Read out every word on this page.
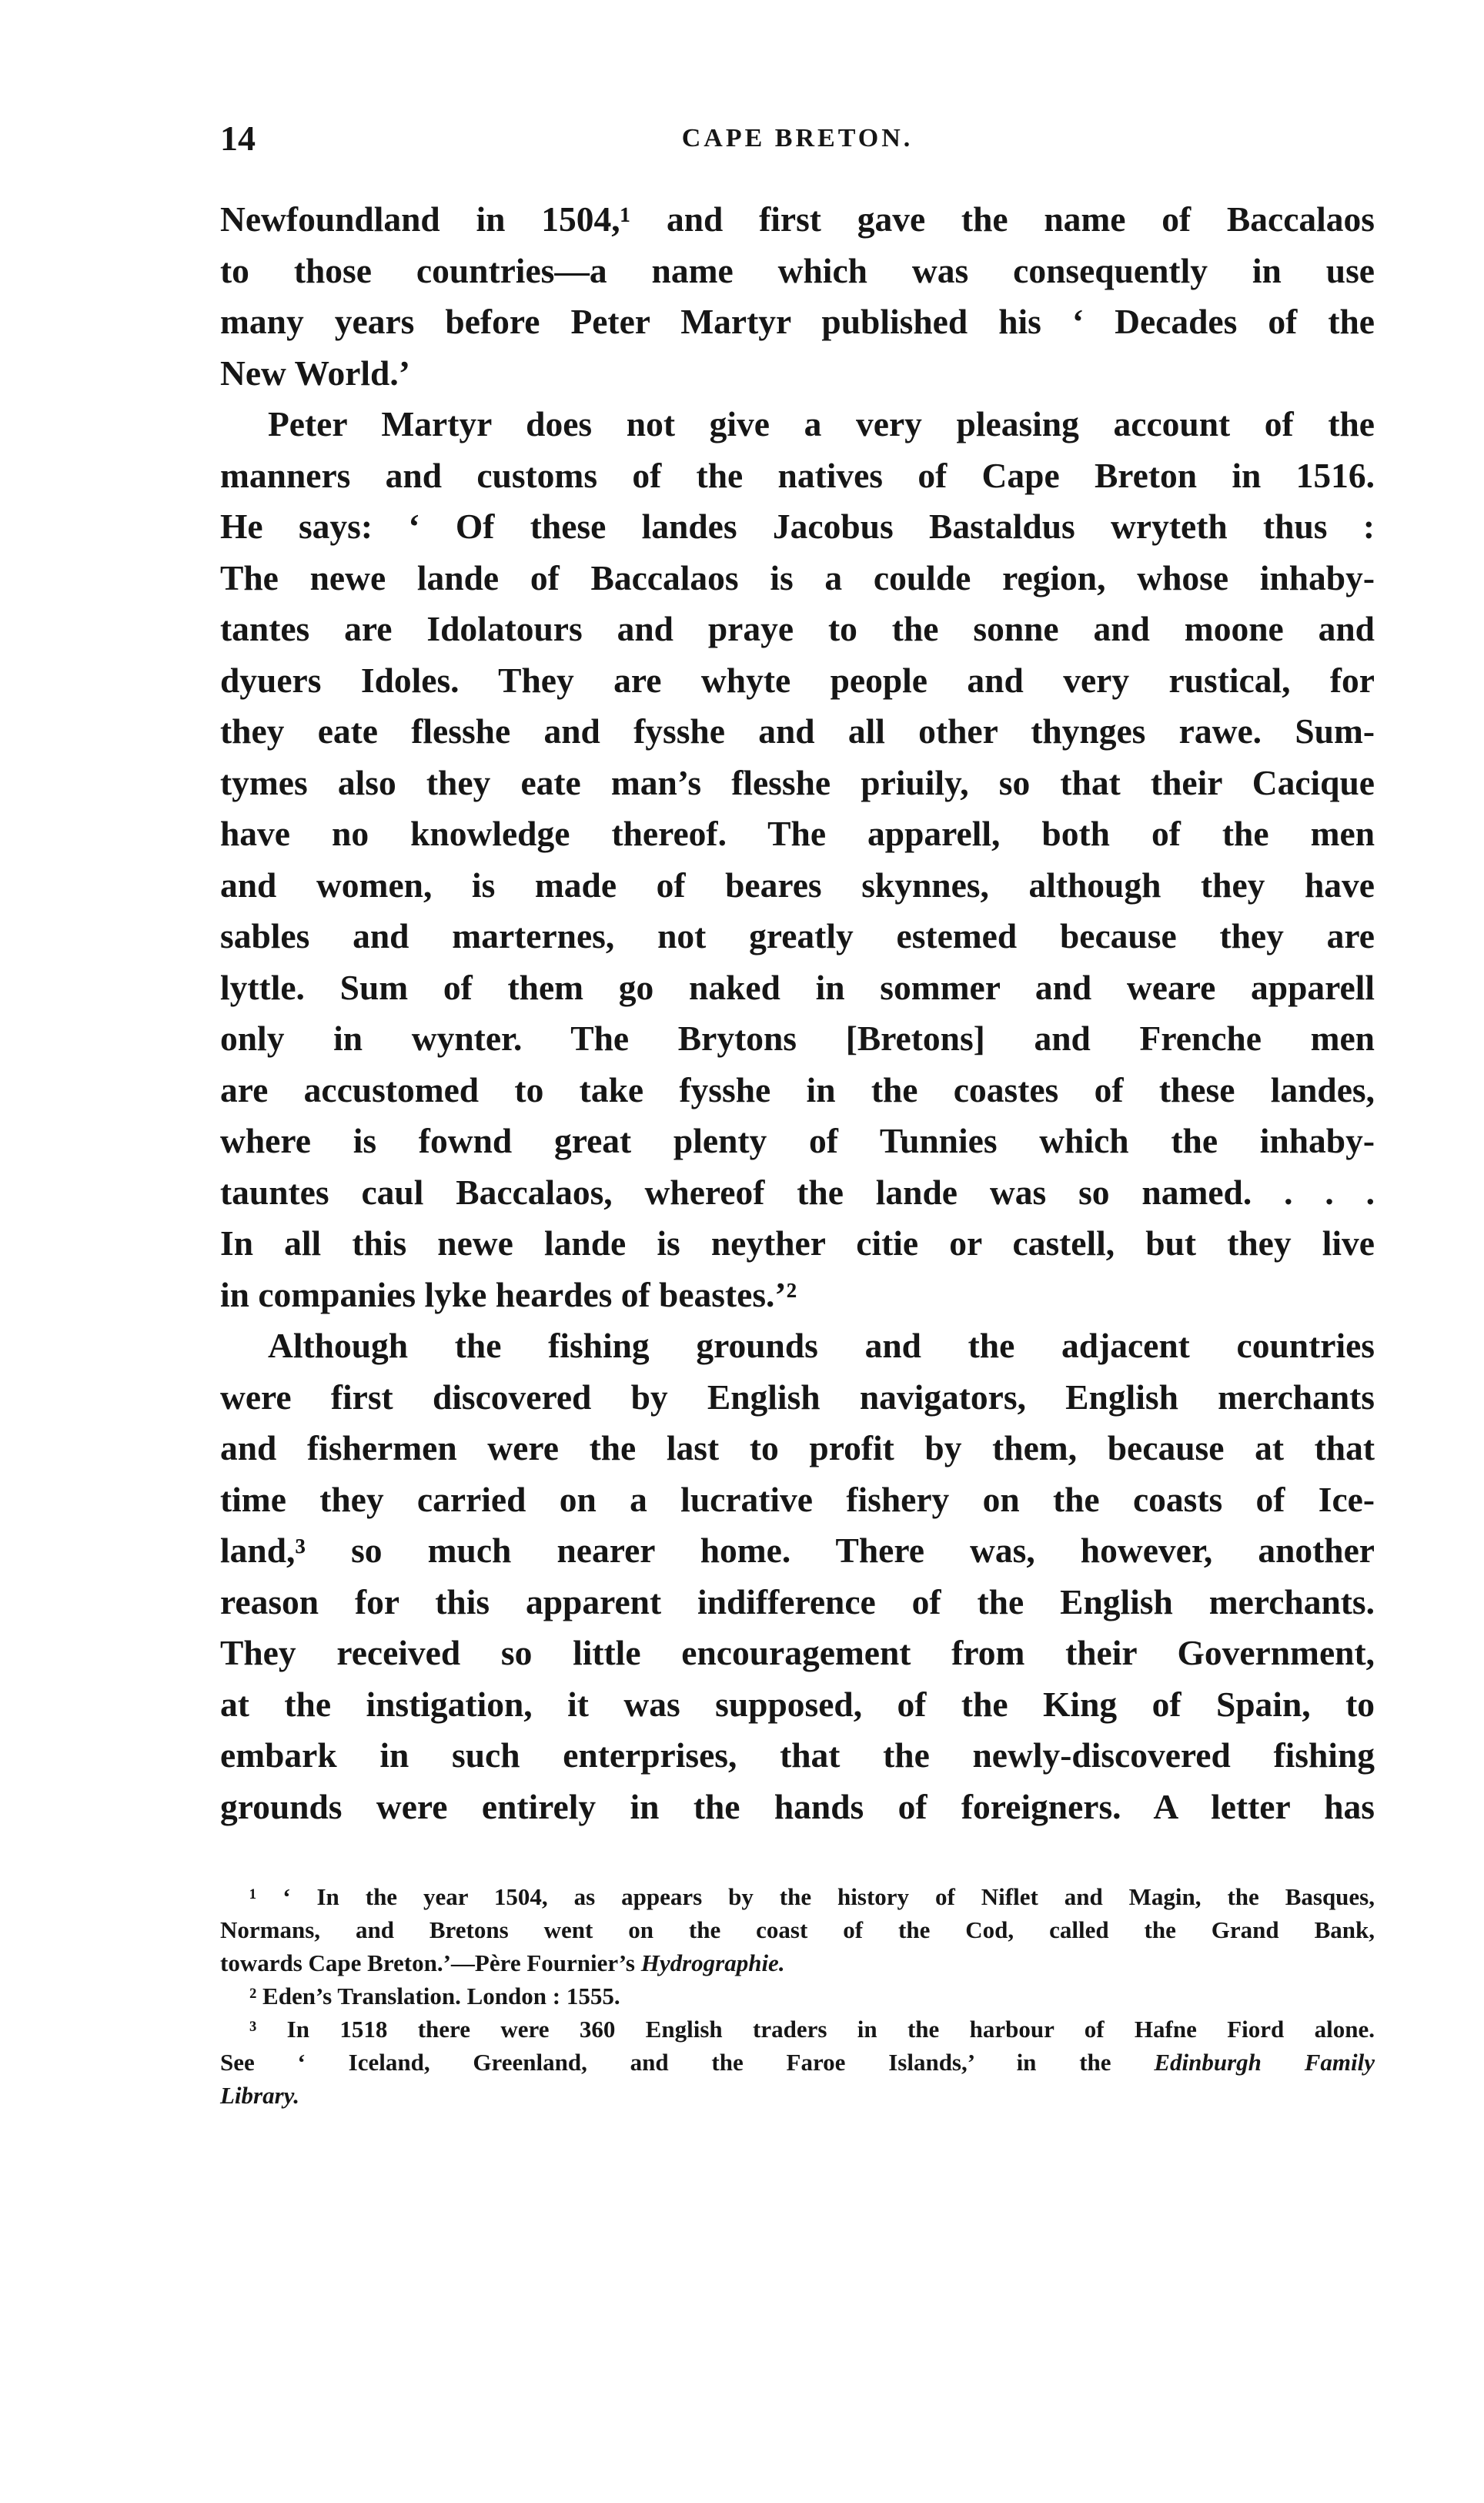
14	CAPE BRETON.
Newfoundland in 1504,¹ and first gave the name of Baccalaos
to those countries—a name which was consequently in use
many years before Peter Martyr published his ‘ Decades of the
New World.’
Peter Martyr does not give a very pleasing account of the
manners and customs of the natives of Cape Breton in 1516.
He says: ‘ Of these landes Jacobus Bastaldus wryteth thus :
The newe lande of Baccalaos is a coulde region, whose inhaby-
tantes are Idolatours and praye to the sonne and moone and
dyuers Idoles. They are whyte people and very rustical, for
they eate flesshe and fysshe and all other thynges rawe. Sum-
tymes also they eate man’s flesshe priuily, so that their Cacique
have no knowledge thereof. The apparell, both of the men
and women, is made of beares skynnes, although they have
sables and marternes, not greatly estemed because they are
lyttle. Sum of them go naked in sommer and weare apparell
only in wynter. The Brytons [Bretons] and Frenche men
are accustomed to take fysshe in the coastes of these landes,
where is fownd great plenty of Tunnies which the inhaby-
tauntes caul Baccalaos, whereof the lande was so named. . . .
In all this newe lande is neyther citie or castell, but they live
in companies lyke heardes of beastes.’²
Although the fishing grounds and the adjacent countries
were first discovered by English navigators, English merchants
and fishermen were the last to profit by them, because at that
time they carried on a lucrative fishery on the coasts of Ice-
land,³ so much nearer home. There was, however, another
reason for this apparent indifference of the English merchants.
They received so little encouragement from their Government,
at the instigation, it was supposed, of the King of Spain, to
embark in such enterprises, that the newly-discovered fishing
grounds were entirely in the hands of foreigners. A letter has
¹ ‘ In the year 1504, as appears by the history of Niflet and Magin, the Basques,
Normans, and Bretons went on the coast of the Cod, called the Grand Bank,
towards Cape Breton.’—Père Fournier’s Hydrographie.
² Eden’s Translation. London : 1555.
³ In 1518 there were 360 English traders in the harbour of Hafne Fiord alone.
See ‘ Iceland, Greenland, and the Faroe Islands,’ in the Edinburgh Family
Library.
